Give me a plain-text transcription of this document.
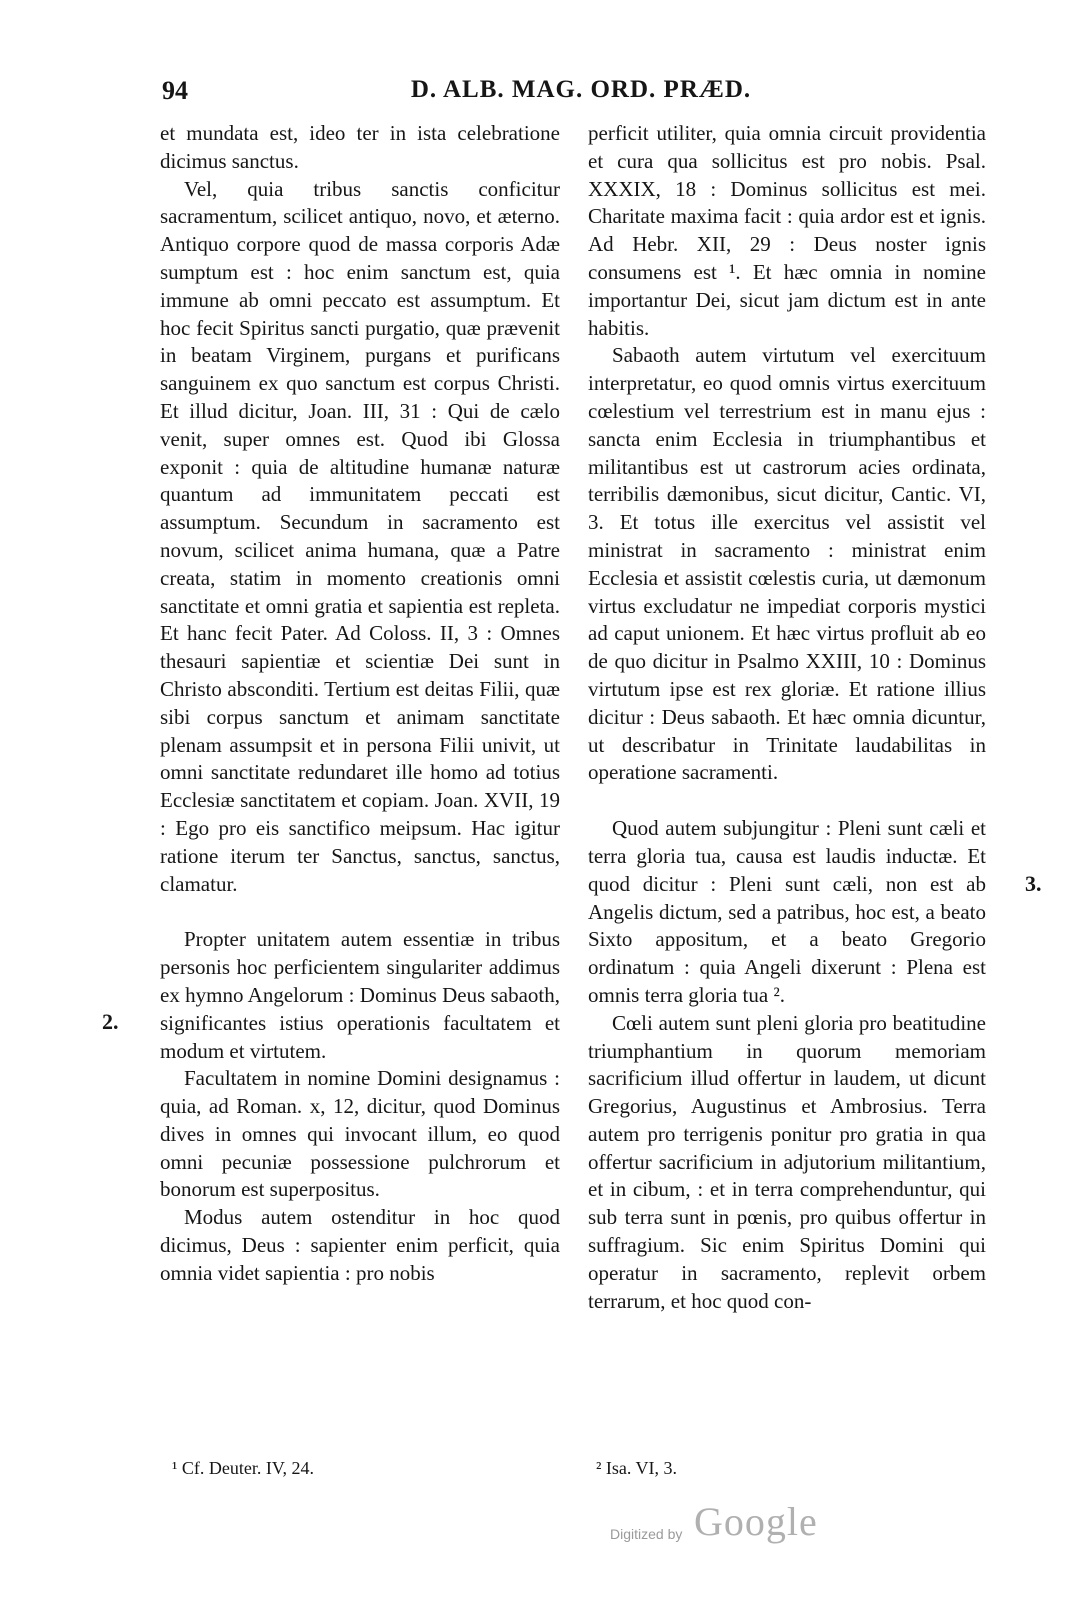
94	D. ALB. MAG. ORD. PRÆD.

et mundata est, ideo ter in ista celebratione dicimus sanctus.

Vel, quia tribus sanctis conficitur sacramentum, scilicet antiquo, novo, et æterno. Antiquo corpore quod de massa corporis Adæ sumptum est : hoc enim sanctum est, quia immune ab omni peccato est assumptum. Et hoc fecit Spiritus sancti purgatio, quæ prævenit in beatam Virginem, purgans et purificans sanguinem ex quo sanctum est corpus Christi. Et illud dicitur, Joan. III, 31 : Qui de cælo venit, super omnes est. Quod ibi Glossa exponit : quia de altitudine humanæ naturæ quantum ad immunitatem peccati est assumptum. Secundum in sacramento est novum, scilicet anima humana, quæ a Patre creata, statim in momento creationis omni sanctitate et omni gratia et sapientia est repleta. Et hanc fecit Pater. Ad Coloss. II, 3 : Omnes thesauri sapientiæ et scientiæ Dei sunt in Christo absconditi. Tertium est deitas Filii, quæ sibi corpus sanctum et animam sanctitate plenam assumpsit et in persona Filii univit, ut omni sanctitate redundaret ille homo ad totius Ecclesiæ sanctitatem et copiam. Joan. XVII, 19 : Ego pro eis sanctifico meipsum. Hac igitur ratione iterum ter Sanctus, sanctus, sanctus, clamatur.

Propter unitatem autem essentiæ in tribus personis hoc perficientem singulariter addimus ex hymno Angelorum : Dominus Deus sabaoth, significantes istius operationis facultatem et modum et virtutem.

Facultatem in nomine Domini designamus : quia, ad Roman. x, 12, dicitur, quod Dominus dives in omnes qui invocant illum, eo quod omni pecuniæ possessione pulchrorum et bonorum est superpositus.

Modus autem ostenditur in hoc quod dicimus, Deus : sapienter enim perficit, quia omnia videt sapientia : pro nobis

perficit utiliter, quia omnia circuit providentia et cura qua sollicitus est pro nobis. Psal. XXXIX, 18 : Dominus sollicitus est mei. Charitate maxima facit : quia ardor est et ignis. Ad Hebr. XII, 29 : Deus noster ignis consumens est ¹. Et hæc omnia in nomine importantur Dei, sicut jam dictum est in ante habitis.

Sabaoth autem virtutum vel exercituum interpretatur, eo quod omnis virtus exercituum cœlestium vel terrestrium est in manu ejus : sancta enim Ecclesia in triumphantibus et militantibus est ut castrorum acies ordinata, terribilis dæmonibus, sicut dicitur, Cantic. VI, 3. Et totus ille exercitus vel assistit vel ministrat in sacramento : ministrat enim Ecclesia et assistit cœlestis curia, ut dæmonum virtus excludatur ne impediat corporis mystici ad caput unionem. Et hæc virtus profluit ab eo de quo dicitur in Psalmo XXIII, 10 : Dominus virtutum ipse est rex gloriæ. Et ratione illius dicitur : Deus sabaoth. Et hæc omnia dicuntur, ut describatur in Trinitate laudabilitas in operatione sacramenti.

Quod autem subjungitur : Pleni sunt cæli et terra gloria tua, causa est laudis inductæ. Et quod dicitur : Pleni sunt cæli, non est ab Angelis dictum, sed a patribus, hoc est, a beato Sixto appositum, et a beato Gregorio ordinatum : quia Angeli dixerunt : Plena est omnis terra gloria tua ².

Cœli autem sunt pleni gloria pro beatitudine triumphantium in quorum memoriam sacrificium illud offertur in laudem, ut dicunt Gregorius, Augustinus et Ambrosius. Terra autem pro terrigenis ponitur pro gratia in qua offertur sacrificium in adjutorium militantium, et in cibum, : et in terra comprehenduntur, qui sub terra sunt in pœnis, pro quibus offertur in suffragium. Sic enim Spiritus Domini qui operatur in sacramento, replevit orbem terrarum, et hoc quod con-

2.
3.
¹ Cf. Deuter. IV, 24.	² Isa. VI, 3.
Digitized by Google
